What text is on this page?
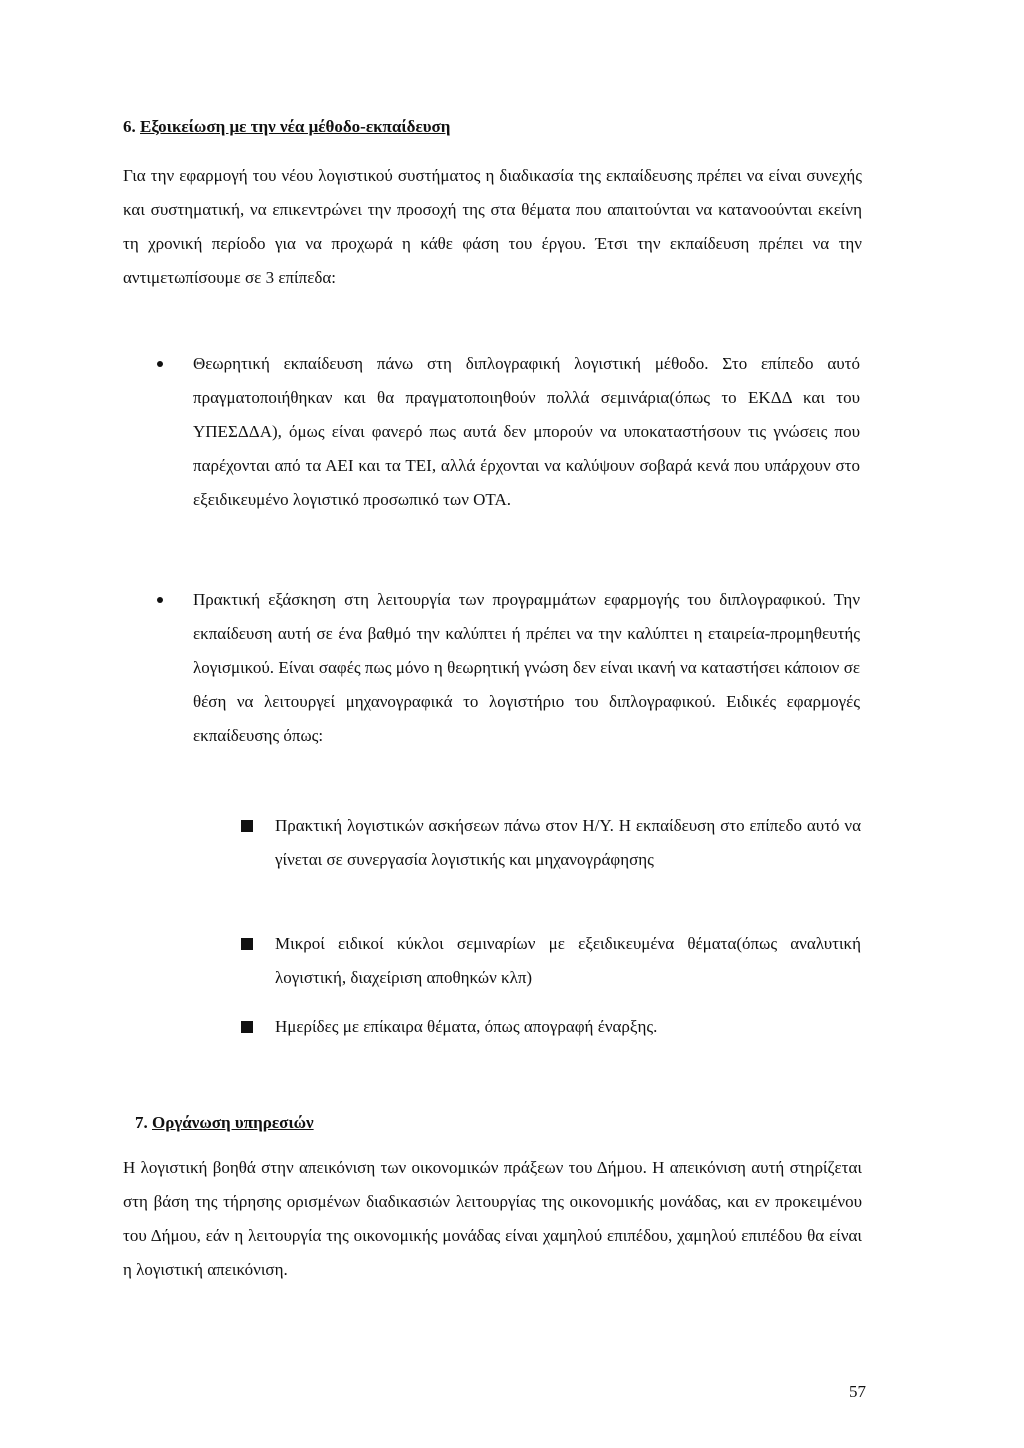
6. Εξοικείωση με την νέα μέθοδο-εκπαίδευση

Για την εφαρμογή του νέου λογιστικού συστήματος η διαδικασία της εκπαίδευσης πρέπει να είναι συνεχής και συστηματική, να επικεντρώνει την προσοχή της στα θέματα που απαιτούνται να κατανοούνται εκείνη τη χρονική περίοδο για να προχωρά η κάθε φάση του έργου. Έτσι την εκπαίδευση πρέπει να την αντιμετωπίσουμε σε 3 επίπεδα:

Θεωρητική εκπαίδευση πάνω στη διπλογραφική λογιστική μέθοδο. Στο επίπεδο αυτό πραγματοποιήθηκαν και θα πραγματοποιηθούν πολλά σεμινάρια(όπως το ΕΚΔΔ και του ΥΠΕΣΔΔΑ), όμως είναι φανερό πως αυτά δεν μπορούν να υποκαταστήσουν τις γνώσεις που παρέχονται από τα ΑΕΙ και τα ΤΕΙ, αλλά έρχονται να καλύψουν σοβαρά κενά που υπάρχουν στο εξειδικευμένο λογιστικό προσωπικό των ΟΤΑ.

Πρακτική εξάσκηση στη λειτουργία των προγραμμάτων εφαρμογής του διπλογραφικού. Την εκπαίδευση αυτή σε ένα βαθμό την καλύπτει ή πρέπει να την καλύπτει η εταιρεία-προμηθευτής λογισμικού. Είναι σαφές πως μόνο η θεωρητική γνώση δεν είναι ικανή να καταστήσει κάποιον σε θέση να λειτουργεί μηχανογραφικά το λογιστήριο του διπλογραφικού. Ειδικές εφαρμογές εκπαίδευσης όπως:

Πρακτική λογιστικών ασκήσεων πάνω στον Η/Υ. Η εκπαίδευση στο επίπεδο αυτό να γίνεται σε συνεργασία λογιστικής και μηχανογράφησης

Μικροί ειδικοί κύκλοι σεμιναρίων με εξειδικευμένα θέματα(όπως αναλυτική λογιστική, διαχείριση αποθηκών κλπ)

Ημερίδες με επίκαιρα θέματα, όπως απογραφή έναρξης.

7. Οργάνωση υπηρεσιών

Η λογιστική βοηθά στην απεικόνιση των οικονομικών πράξεων του Δήμου. Η απεικόνιση αυτή στηρίζεται στη βάση της τήρησης ορισμένων διαδικασιών λειτουργίας της οικονομικής μονάδας, και εν προκειμένου του Δήμου, εάν η λειτουργία της οικονομικής μονάδας είναι χαμηλού επιπέδου, χαμηλού επιπέδου θα είναι η λογιστική απεικόνιση.

57
